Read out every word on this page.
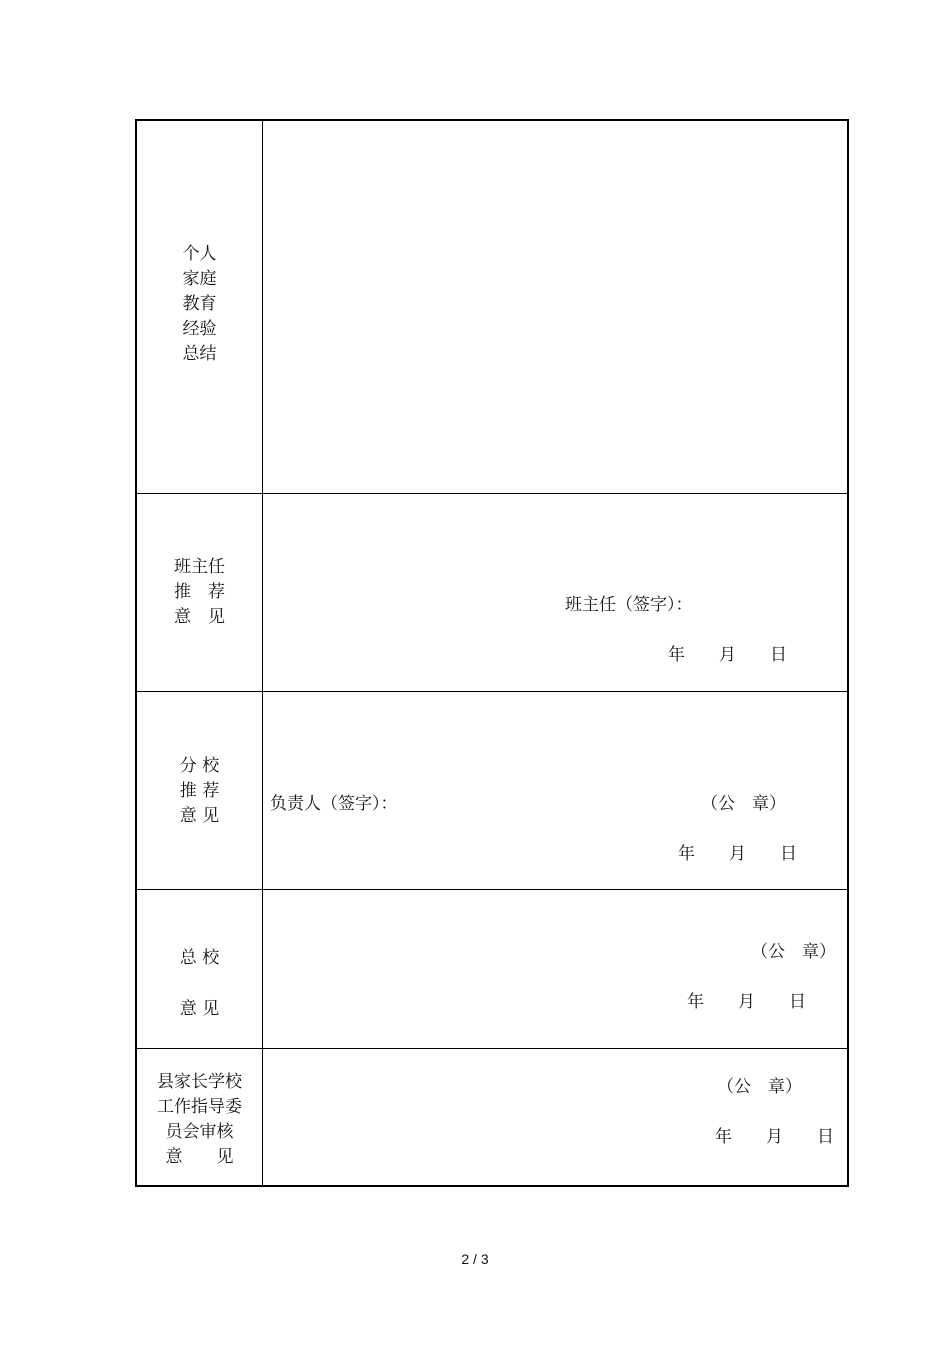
个人
家庭
教育
经验
总结
班主任
推　荐
意　见
班主任（签字）：
年　　月　　日
分 校
推 荐
意 见
负责人（签字）：	（公　章）
年　　月　　日
总 校
意 见
（公　章）
年　　月　　日
县家长学校
工作指导委
员会审核
意　　见
（公　章）
年　　月　　日
2 / 3
